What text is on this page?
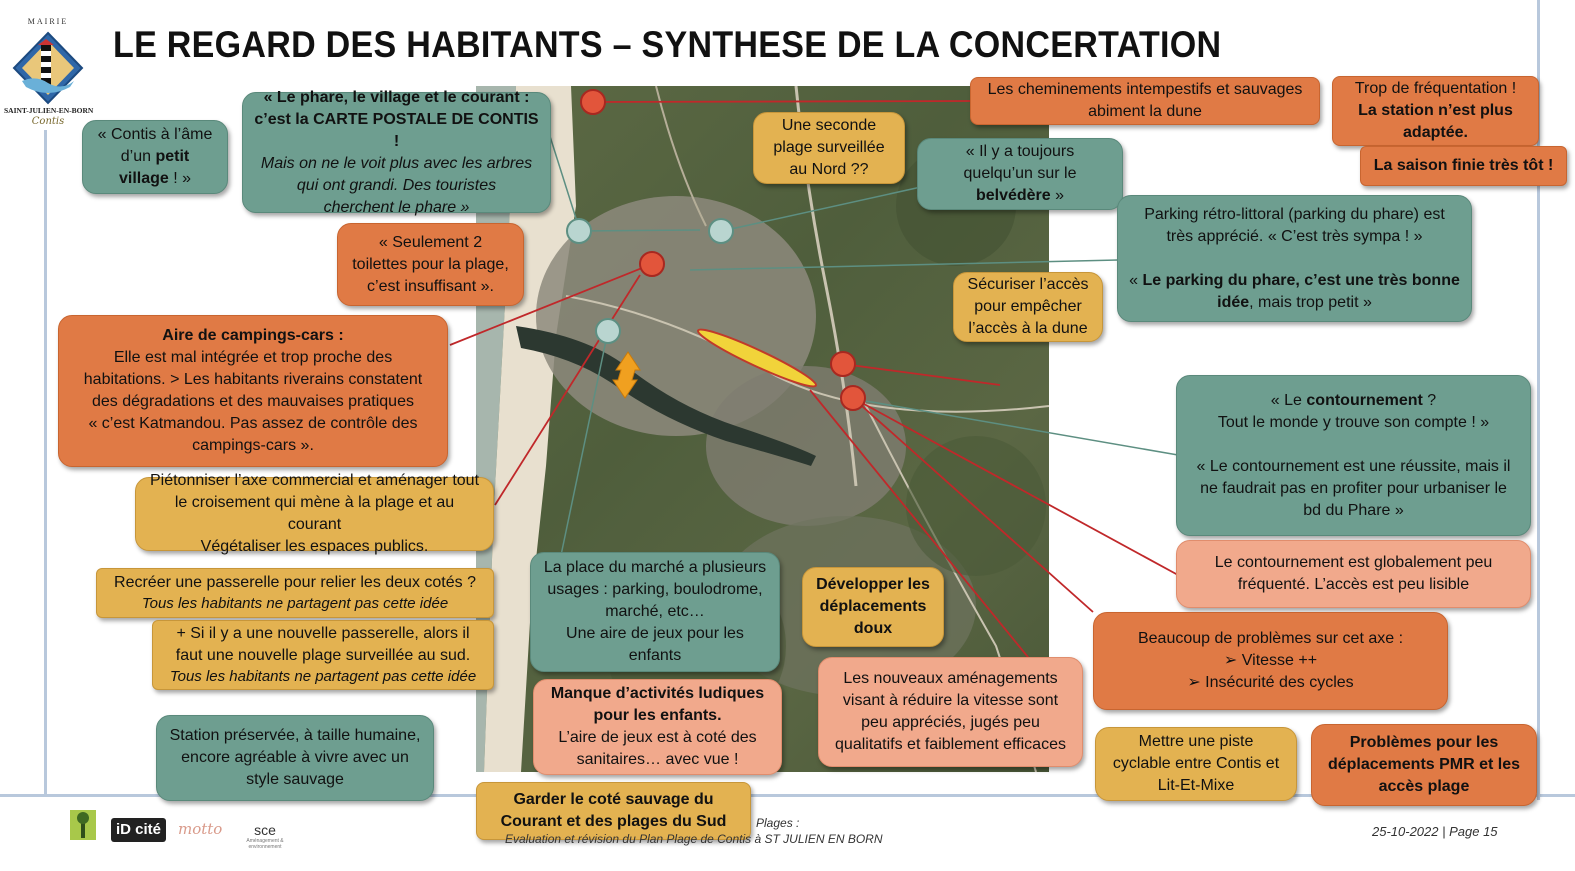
MAIRIE
SAINT-JULIEN-EN-BORN
Contis
LE REGARD DES HABITANTS – SYNTHESE DE LA CONCERTATION
« Contis à l’âme
d’un petit
village ! »
« Le phare, le village et le courant :
c’est la CARTE POSTALE DE CONTIS !
Mais on ne le voit plus avec les arbres
qui ont grandi. Des touristes
cherchent le phare »
Une seconde
plage surveillée
au Nord ??
« Il y a toujours
quelqu’un sur le
belvédère »
Les cheminements intempestifs et sauvages
abiment la dune
Trop de fréquentation !
La station n’est plus
adaptée.
La saison finie très tôt !
« Seulement 2
toilettes pour la plage,
c’est insuffisant ».
Parking rétro-littoral (parking du phare) est
très apprécié. « C’est très sympa ! »
« Le parking du phare, c’est une très bonne
idée, mais trop petit »
Sécuriser l’accès
pour empêcher
l’accès à la dune
Aire de campings-cars :
Elle est mal intégrée et trop proche des
habitations. > Les habitants riverains constatent
des dégradations et des mauvaises pratiques
« c’est Katmandou. Pas assez de contrôle des
campings-cars ».
« Le contournement ?
Tout le monde y trouve son compte ! »
« Le contournement est une réussite, mais il
ne faudrait pas en profiter pour urbaniser le
bd du Phare »
Piétonniser l’axe commercial et aménager tout
le croisement qui mène à la plage et au courant
Végétaliser les espaces publics.
Le contournement est globalement peu
fréquenté. L’accès est peu lisible
Recréer une passerelle pour relier les deux cotés ?
Tous les habitants ne partagent pas cette idée
La place du marché a plusieurs
usages : parking, boulodrome,
marché, etc…
Une aire de jeux pour les
enfants
Développer les
déplacements
doux
Beaucoup de problèmes sur cet axe :
➢ Vitesse ++
➢ Insécurité des cycles
+ Si il y a une nouvelle passerelle, alors il
faut une nouvelle plage surveillée au sud.
Tous les habitants ne partagent pas cette idée	Les nouveaux aménagements
visant à réduire la vitesse sont
peu appréciés, jugés peu
qualitatifs et faiblement efficaces
Manque d’activités ludiques
pour les enfants.
L’aire de jeux est à coté des
sanitaires… avec vue !
Station préservée, à taille humaine,
encore agréable à vivre avec un
style sauvage
Mettre une piste
cyclable entre Contis et
Lit-Et-Mixe
Problèmes pour les
déplacements PMR et les
accès plage
Garder le coté sauvage du
Courant et des plages du Sud
iD cité	motto	sce
Aménagement & environnement
Plages :
Evaluation et révision du Plan Plage de Contis à ST JULIEN EN BORN	25-10-2022 | Page 15
